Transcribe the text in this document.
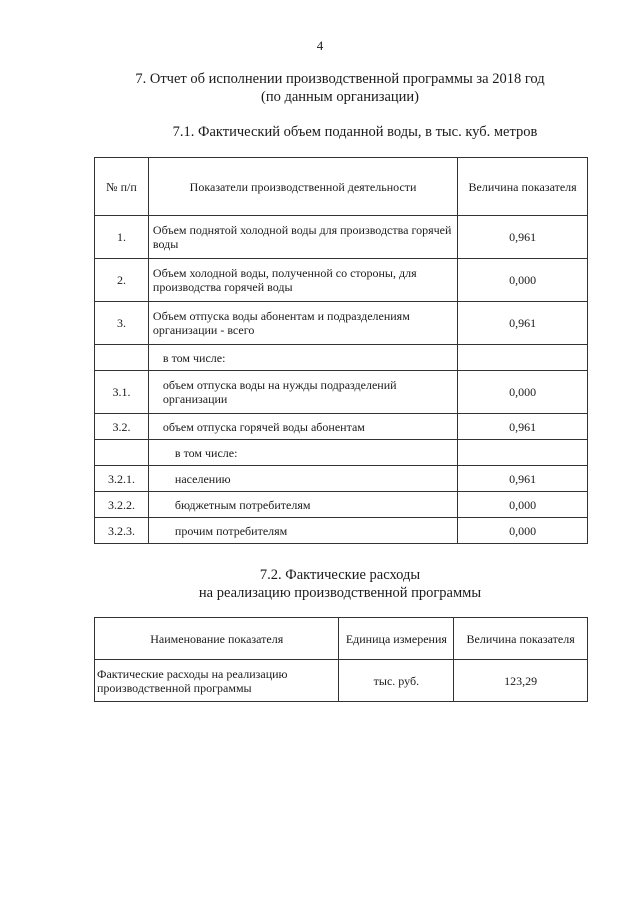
4
7. Отчет об исполнении производственной программы за 2018 год
(по данным организации)
7.1. Фактический объем поданной воды, в тыс. куб. метров
№ п/п	Показатели производственной деятельности	Величина показателя
1.	Объем поднятой холодной воды для производства горячей воды	0,961
2.	Объем холодной воды, полученной со стороны, для производства горячей воды	0,000
3.	Объем отпуска воды абонентам и подразделениям организации - всего	0,961
	в том числе:	
3.1.	объем отпуска воды на нужды подразделений организации	0,000
3.2.	объем отпуска горячей воды абонентам	0,961
	в том числе:	
3.2.1.	населению	0,961
3.2.2.	бюджетным потребителям	0,000
3.2.3.	прочим потребителям	0,000
7.2. Фактические расходы
на реализацию производственной программы
Наименование показателя	Единица измерения	Величина показателя
Фактические расходы на реализацию производственной программы	тыс. руб.	123,29
